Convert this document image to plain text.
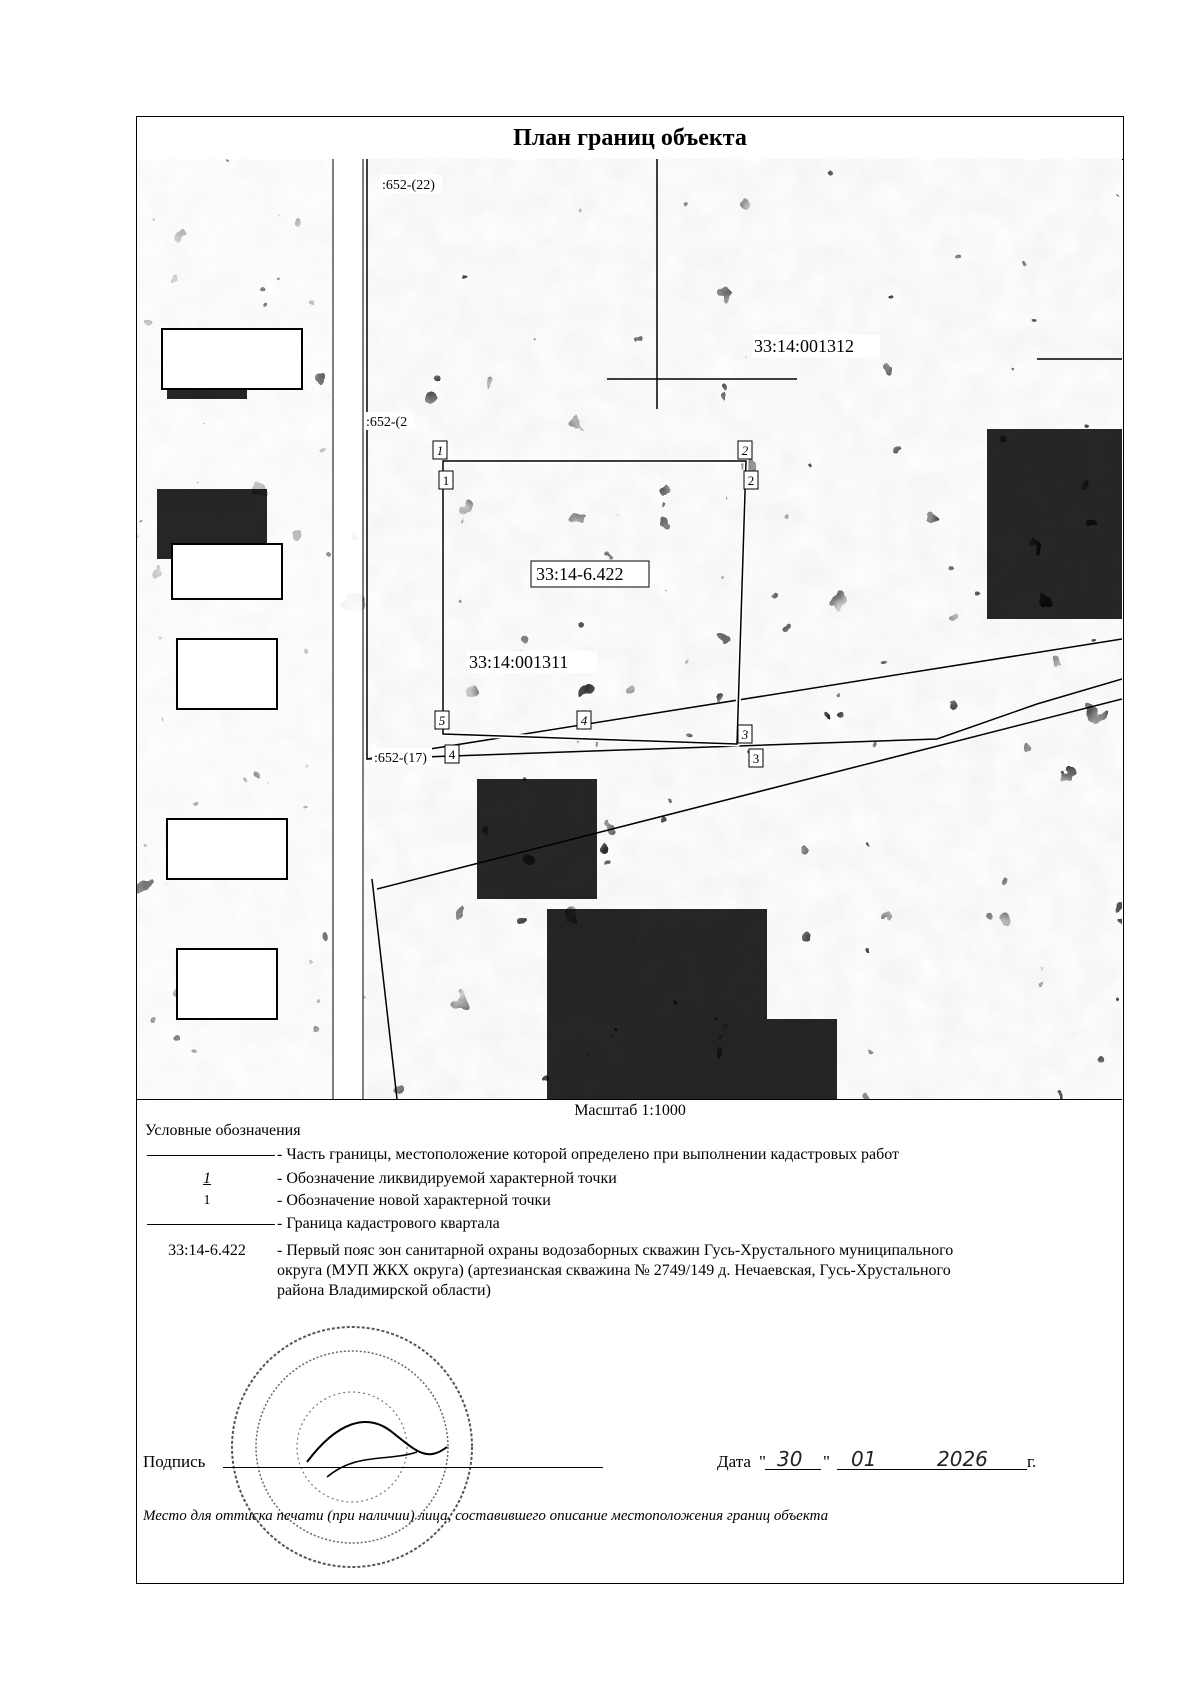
План границ объекта
1	2
3
4
5
1	2
3
4
:652-(22)
:652-(2
:652-(17)
33:14:001312
33:14:001311
33:14-6.422
Масштаб 1:1000
Условные обозначения
- Часть границы, местоположение которой определено при выполнении кадастровых работ
1	- Обозначение ликвидируемой характерной точки
1	- Обозначение новой характерной точки
- Граница кадастрового квартала
33:14-6.422	- Первый пояс зон санитарной охраны водозаборных скважин Гусь-Хрустального муниципального округа (МУП ЖКХ округа) (артезианская скважина № 2749/149 д. Нечаевская, Гусь-Хрустального района Владимирской области)
Подпись	Дата " 30 " 01	2026 г.
Место для оттиска печати (при наличии) лица, составившего описание местоположения границ объекта
